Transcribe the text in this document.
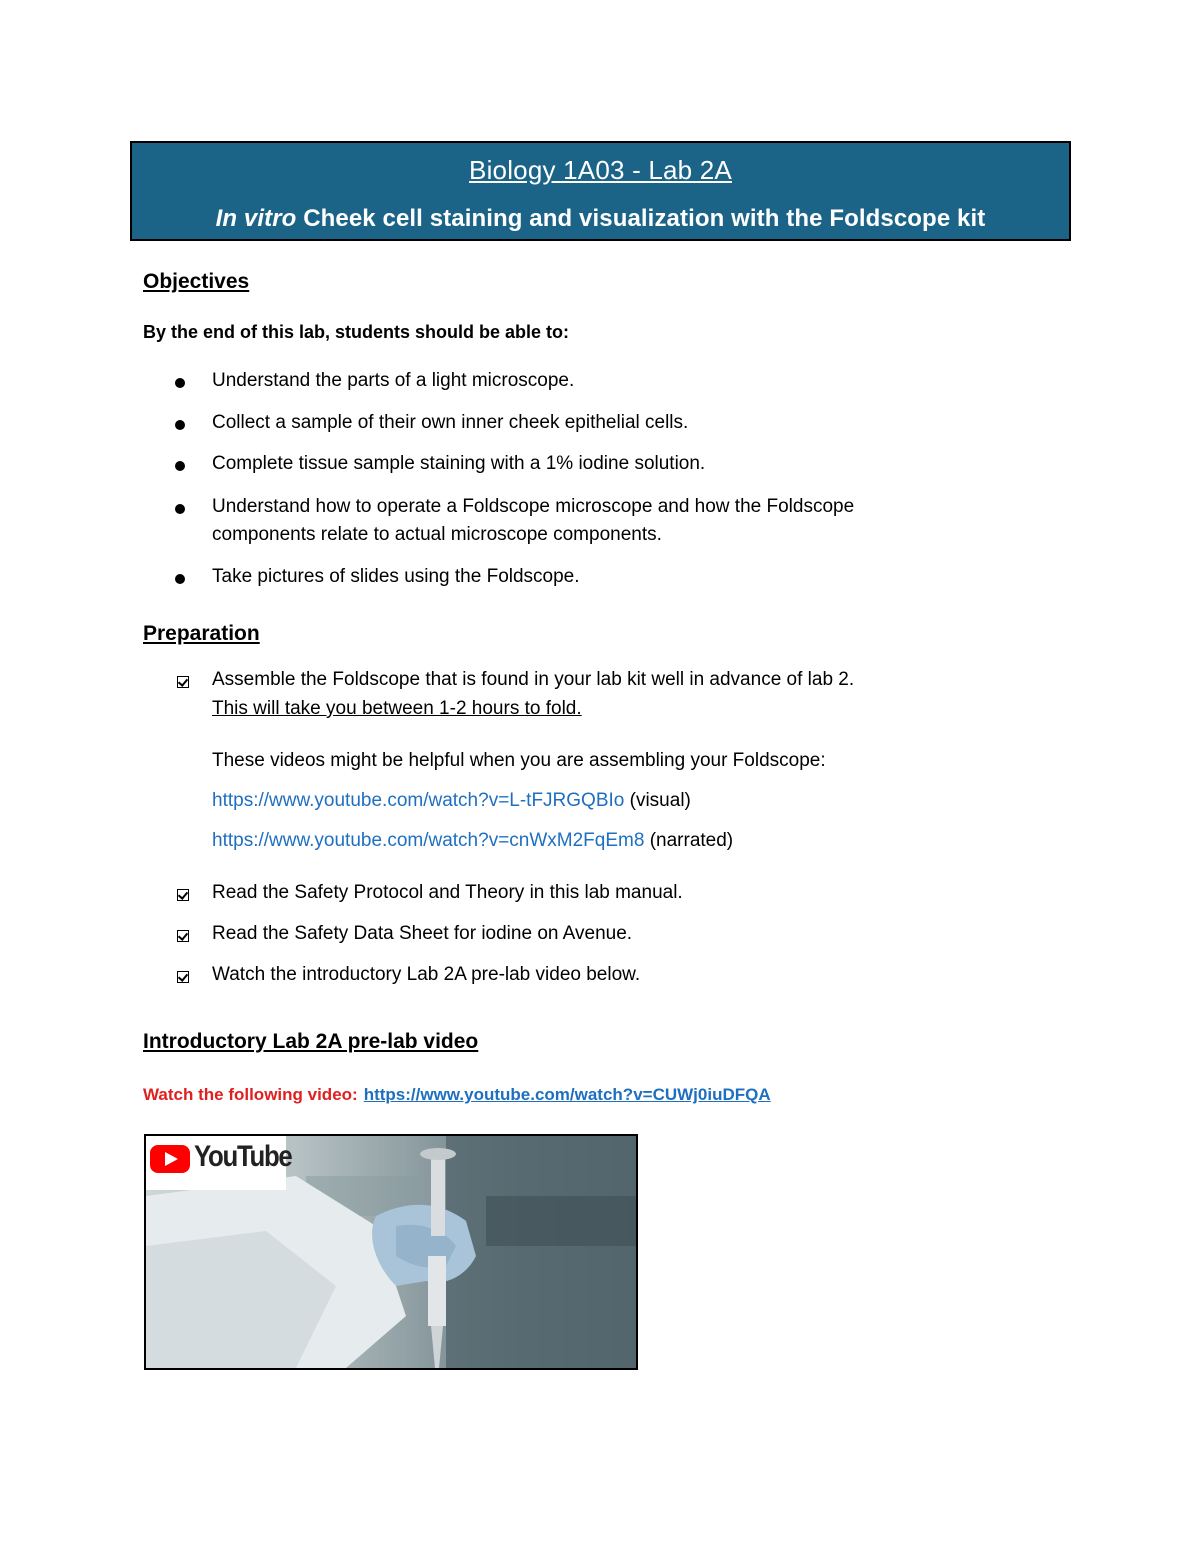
Biology 1A03 - Lab 2A
In vitro Cheek cell staining and visualization with the Foldscope kit
Objectives
By the end of this lab, students should be able to:
Understand the parts of a light microscope.
Collect a sample of their own inner cheek epithelial cells.
Complete tissue sample staining with a 1% iodine solution.
Understand how to operate a Foldscope microscope and how the Foldscope
components relate to actual microscope components.
Take pictures of slides using the Foldscope.
Preparation
Assemble the Foldscope that is found in your lab kit well in advance of lab 2.
This will take you between 1-2 hours to fold.
These videos might be helpful when you are assembling your Foldscope:
https://www.youtube.com/watch?v=L-tFJRGQBIo (visual)
https://www.youtube.com/watch?v=cnWxM2FqEm8 (narrated)
Read the Safety Protocol and Theory in this lab manual.
Read the Safety Data Sheet for iodine on Avenue.
Watch the introductory Lab 2A pre-lab video below.
Introductory Lab 2A pre-lab video
Watch the following video: https://www.youtube.com/watch?v=CUWj0iuDFQA
YouTube
